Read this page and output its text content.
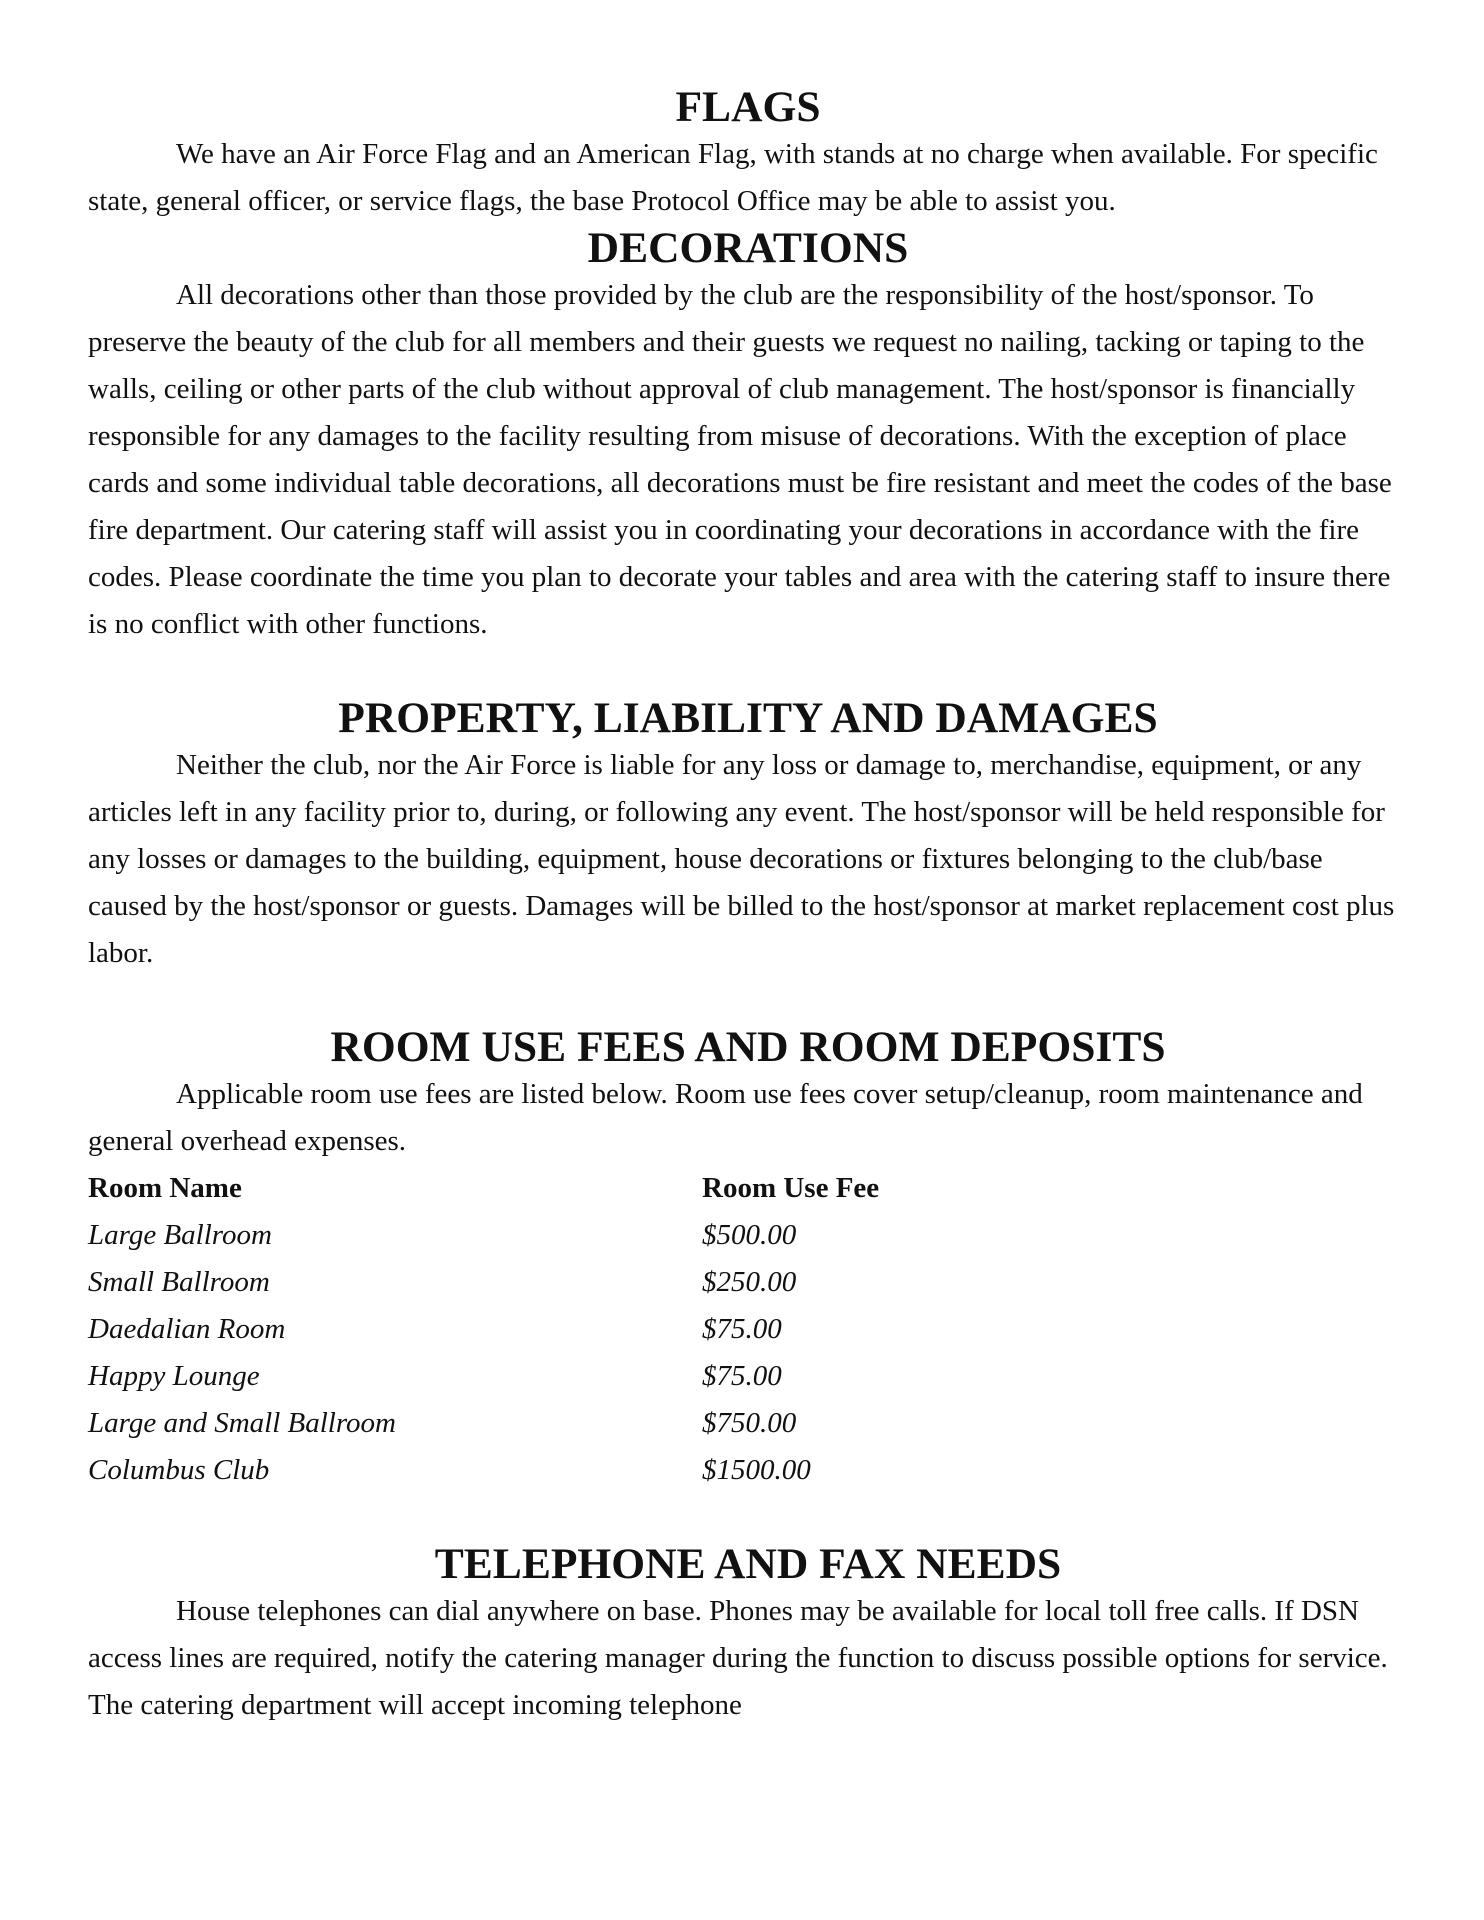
FLAGS

We have an Air Force Flag and an American Flag, with stands at no charge when available. For specific state, general officer, or service flags, the base Protocol Office may be able to assist you.

DECORATIONS

All decorations other than those provided by the club are the responsibility of the host/sponsor. To preserve the beauty of the club for all members and their guests we request no nailing, tacking or taping to the walls, ceiling or other parts of the club without approval of club management. The host/sponsor is financially responsible for any damages to the facility resulting from misuse of decorations. With the exception of place cards and some individual table decorations, all decorations must be fire resistant and meet the codes of the base fire department. Our catering staff will assist you in coordinating your decorations in accordance with the fire codes. Please coordinate the time you plan to decorate your tables and area with the catering staff to insure there is no conflict with other functions.

PROPERTY, LIABILITY AND DAMAGES

Neither the club, nor the Air Force is liable for any loss or damage to, merchandise, equipment, or any articles left in any facility prior to, during, or following any event. The host/sponsor will be held responsible for any losses or damages to the building, equipment, house decorations or fixtures belonging to the club/base caused by the host/sponsor or guests. Damages will be billed to the host/sponsor at market replacement cost plus labor.

ROOM USE FEES AND ROOM DEPOSITS

Applicable room use fees are listed below. Room use fees cover setup/cleanup, room maintenance and general overhead expenses.

Room Name	Room Use Fee
Large Ballroom	$500.00
Small Ballroom	$250.00
Daedalian Room	$75.00
Happy Lounge	$75.00
Large and Small Ballroom	$750.00
Columbus Club	$1500.00
TELEPHONE AND FAX NEEDS

House telephones can dial anywhere on base. Phones may be available for local toll free calls. If DSN access lines are required, notify the catering manager during the function to discuss possible options for service. The catering department will accept incoming telephone
